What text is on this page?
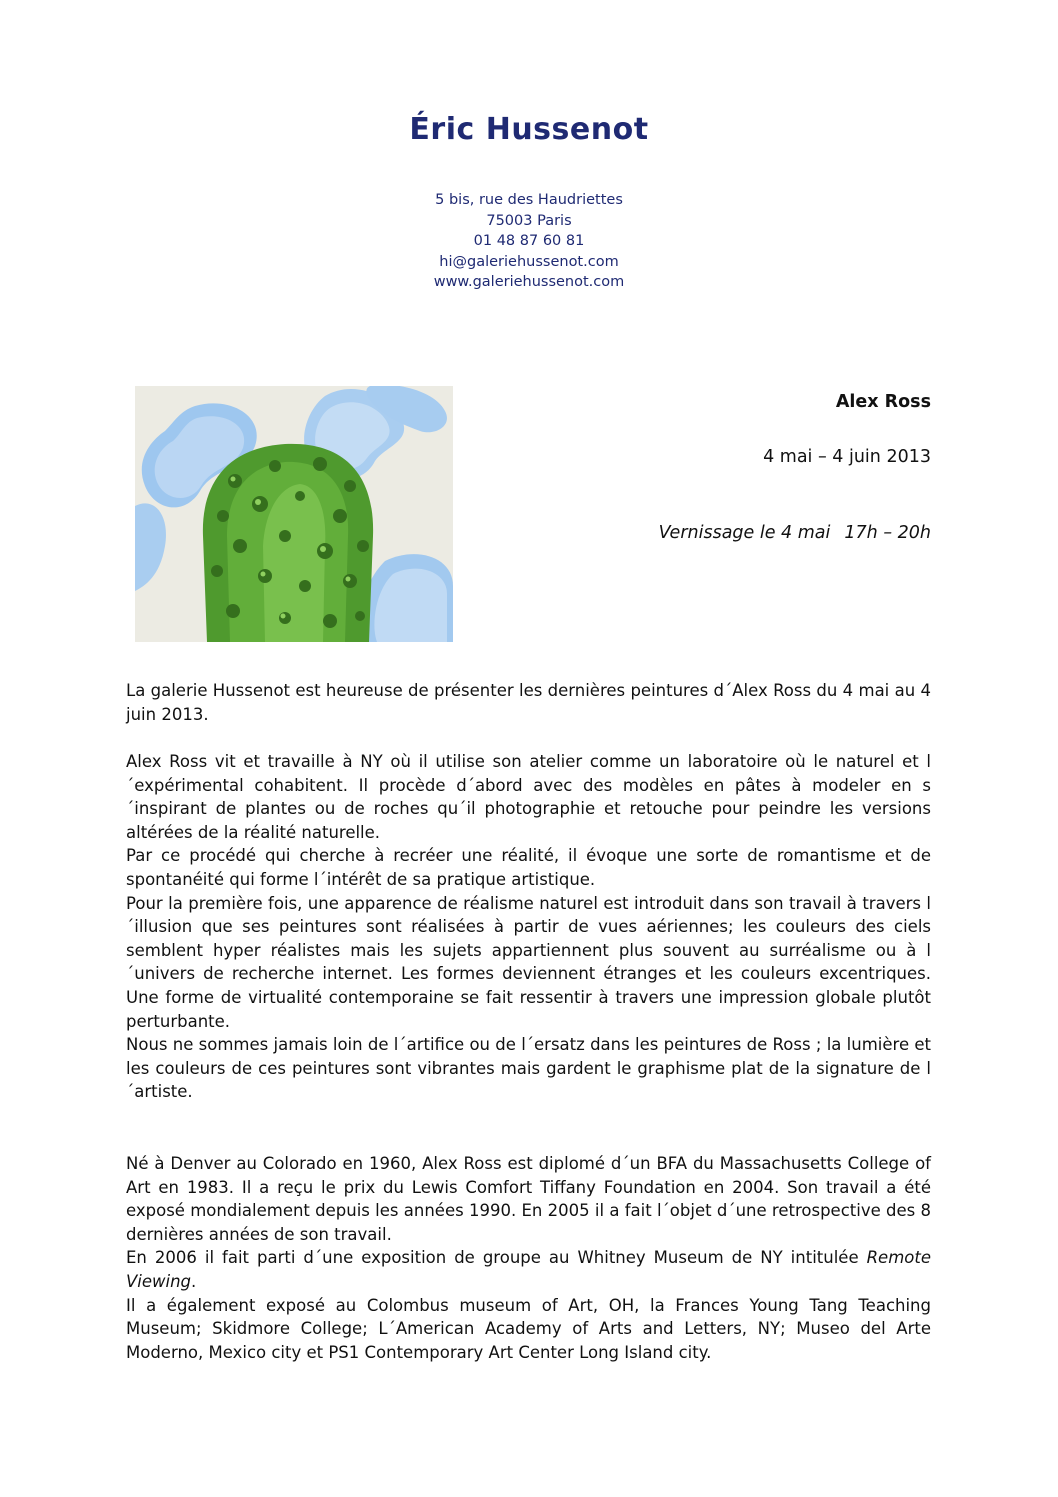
Éric Hussenot
5 bis, rue des Haudriettes
75003 Paris
01 48 87 60 81
hi@galeriehussenot.com
www.galeriehussenot.com
Alex Ross
4 mai – 4 juin 2013
Vernissage le 4 mai 17h – 20h

La galerie Hussenot est heureuse de présenter les dernières peintures d´Alex Ross du 4 mai au 4 juin 2013.

Alex Ross vit et travaille à NY où il utilise son atelier comme un laboratoire où le naturel et l´expérimental cohabitent. Il procède d´abord avec des modèles en pâtes à modeler en s´inspirant de plantes ou de roches qu´il photographie et retouche pour peindre les versions altérées de la réalité naturelle.

Par ce procédé qui cherche à recréer une réalité, il évoque une sorte de romantisme et de spontanéité qui forme l´intérêt de sa pratique artistique.

Pour la première fois, une apparence de réalisme naturel est introduit dans son travail à travers l´illusion que ses peintures sont réalisées à partir de vues aériennes; les couleurs des ciels semblent hyper réalistes mais les sujets appartiennent plus souvent au surréalisme ou à l´univers de recherche internet. Les formes deviennent étranges et les couleurs excentriques. Une forme de virtualité contemporaine se fait ressentir à travers une impression globale plutôt perturbante.

Nous ne sommes jamais loin de l´artifice ou de l´ersatz dans les peintures de Ross ; la lumière et les couleurs de ces peintures sont vibrantes mais gardent le graphisme plat de la signature de l´artiste.

Né à Denver au Colorado en 1960, Alex Ross est diplomé d´un BFA du Massachusetts College of Art en 1983. Il a reçu le prix du Lewis Comfort Tiffany Foundation en 2004. Son travail a été exposé mondialement depuis les années 1990. En 2005 il a fait l´objet d´une retrospective des 8 dernières années de son travail.

En 2006 il fait parti d´une exposition de groupe au Whitney Museum de NY intitulée Remote Viewing.

Il a également exposé au Colombus museum of Art, OH, la Frances Young Tang Teaching Museum; Skidmore College; L´American Academy of Arts and Letters, NY; Museo del Arte Moderno, Mexico city et PS1 Contemporary Art Center Long Island city.
